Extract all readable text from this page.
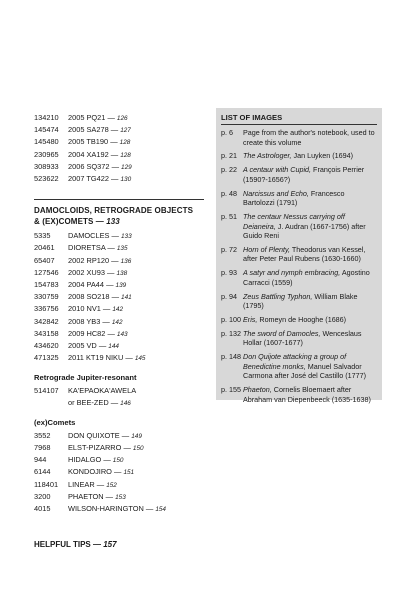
134210	2005 PQ21 — 126
145474	2005 SA278 — 127
145480	2005 TB190 — 128
230965	2004 XA192 — 128
308933	2006 SQ372 — 129
523622	2007 TG422 — 130
DAMOCLOIDS, RETROGRADE OBJECTS
& (EX)COMETS — 133
5335	DAMOCLES — 133
20461	DIORETSA — 135
65407	2002 RP120 — 136
127546 2002 XU93 — 138
154783 2004 PA44 — 139
330759 2008 SO218 — 141
336756 2010 NV1 — 142
342842 2008 YB3 — 142
343158 2009 HC82 — 143
434620 2005 VD — 144
471325 2011 KT19 NIKU — 145
Retrograde Jupiter-resonant
514107 KA'EPAOKA'AWELA
or BEE-ZED — 146
(ex)Comets
3552	DON QUIXOTE — 149
7968	ELST-PIZARRO — 150
944	HIDALGO — 150
6144	KONDOJIRO — 151
118401 LINEAR — 152
3200	PHAETON — 153
4015	WILSON-HARINGTON — 154
HELPFUL TIPS — 157
LIST OF IMAGES
p. 6	Page from the author's notebook, used to create this volume
p. 21 The Astrologer, Jan Luyken (1694)
p. 22 A centaur with Cupid, François Perrier (1590?-1656?)
p. 48 Narcissus and Echo, Francesco Bartolozzi (1791)
p. 51 The centaur Nessus carrying off Deianeira, J. Audran (1667-1756) after Guido Reni
p. 72 Horn of Plenty, Theodorus van Kessel, after Peter Paul Rubens (1630-1660)
p. 93 A satyr and nymph embracing, Agostino Carracci (1559)
p. 94 Zeus Battling Typhon, William Blake (1795)
p. 100 Eris, Romeyn de Hooghe (1686)
p. 132 The sword of Damocles, Wenceslaus Hollar (1607-1677)
p. 148 Don Quijote attacking a group of Benedictine monks, Manuel Salvador Carmona after José del Castillo (1777)
p. 155 Phaeton, Cornelis Bloemaert after Abraham van Diepenbeeck (1635-1638)
